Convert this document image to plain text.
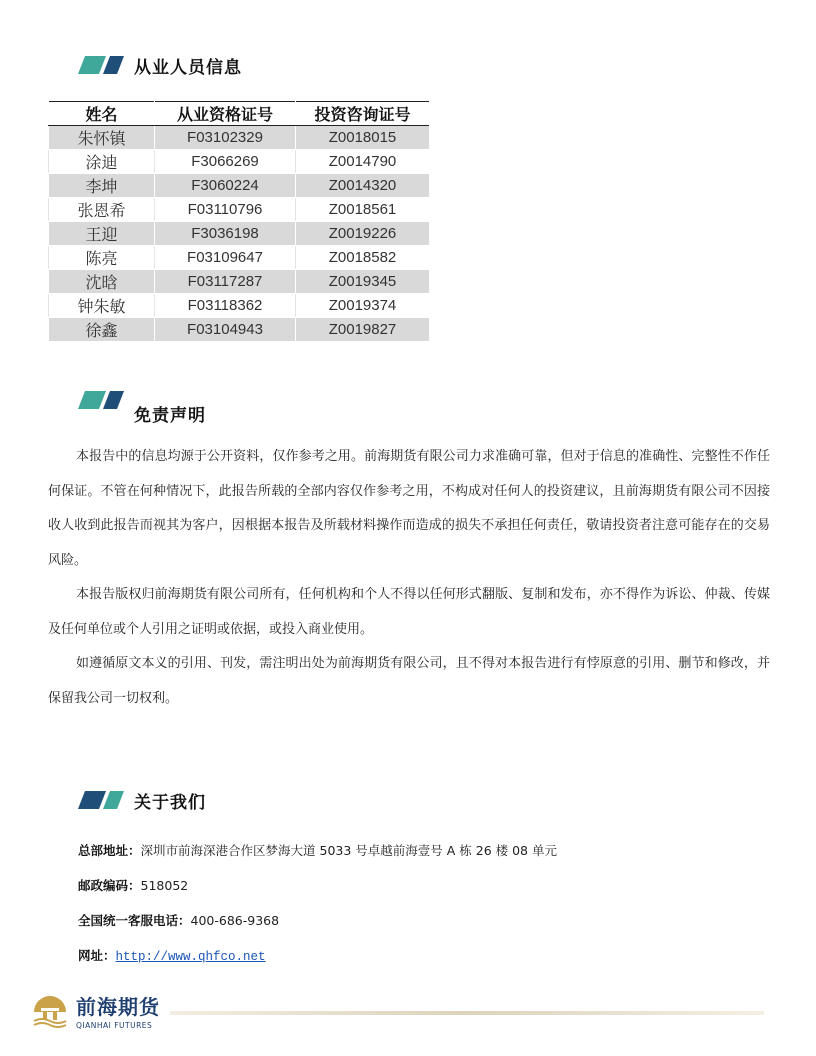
从业人员信息
姓名	从业资格证号	投资咨询证号
朱怀镇	F03102329	Z0018015
涂迪	F3066269	Z0014790
李坤	F3060224	Z0014320
张恩希	F03110796	Z0018561
王迎	F3036198	Z0019226
陈亮	F03109647	Z0018582
沈晗	F03117287	Z0019345
钟朱敏	F03118362	Z0019374
徐鑫	F03104943	Z0019827
免责声明

本报告中的信息均源于公开资料，仅作参考之用。前海期货有限公司力求准确可靠，但对于信息的准确性、完整性不作任何保证。不管在何种情况下，此报告所载的全部内容仅作参考之用，不构成对任何人的投资建议，且前海期货有限公司不因接收人收到此报告而视其为客户，因根据本报告及所载材料操作而造成的损失不承担任何责任，敬请投资者注意可能存在的交易风险。

本报告版权归前海期货有限公司所有，任何机构和个人不得以任何形式翻版、复制和发布，亦不得作为诉讼、仲裁、传媒及任何单位或个人引用之证明或依据，或投入商业使用。

如遵循原文本义的引用、刊发，需注明出处为前海期货有限公司，且不得对本报告进行有悖原意的引用、删节和修改，并保留我公司一切权利。

关于我们
总部地址：深圳市前海深港合作区梦海大道 5033 号卓越前海壹号 A 栋 26 楼 08 单元
邮政编码：518052
全国统一客服电话：400-686-9368
网址：http://www.qhfco.net
前海期货
QIANHAI FUTURES
